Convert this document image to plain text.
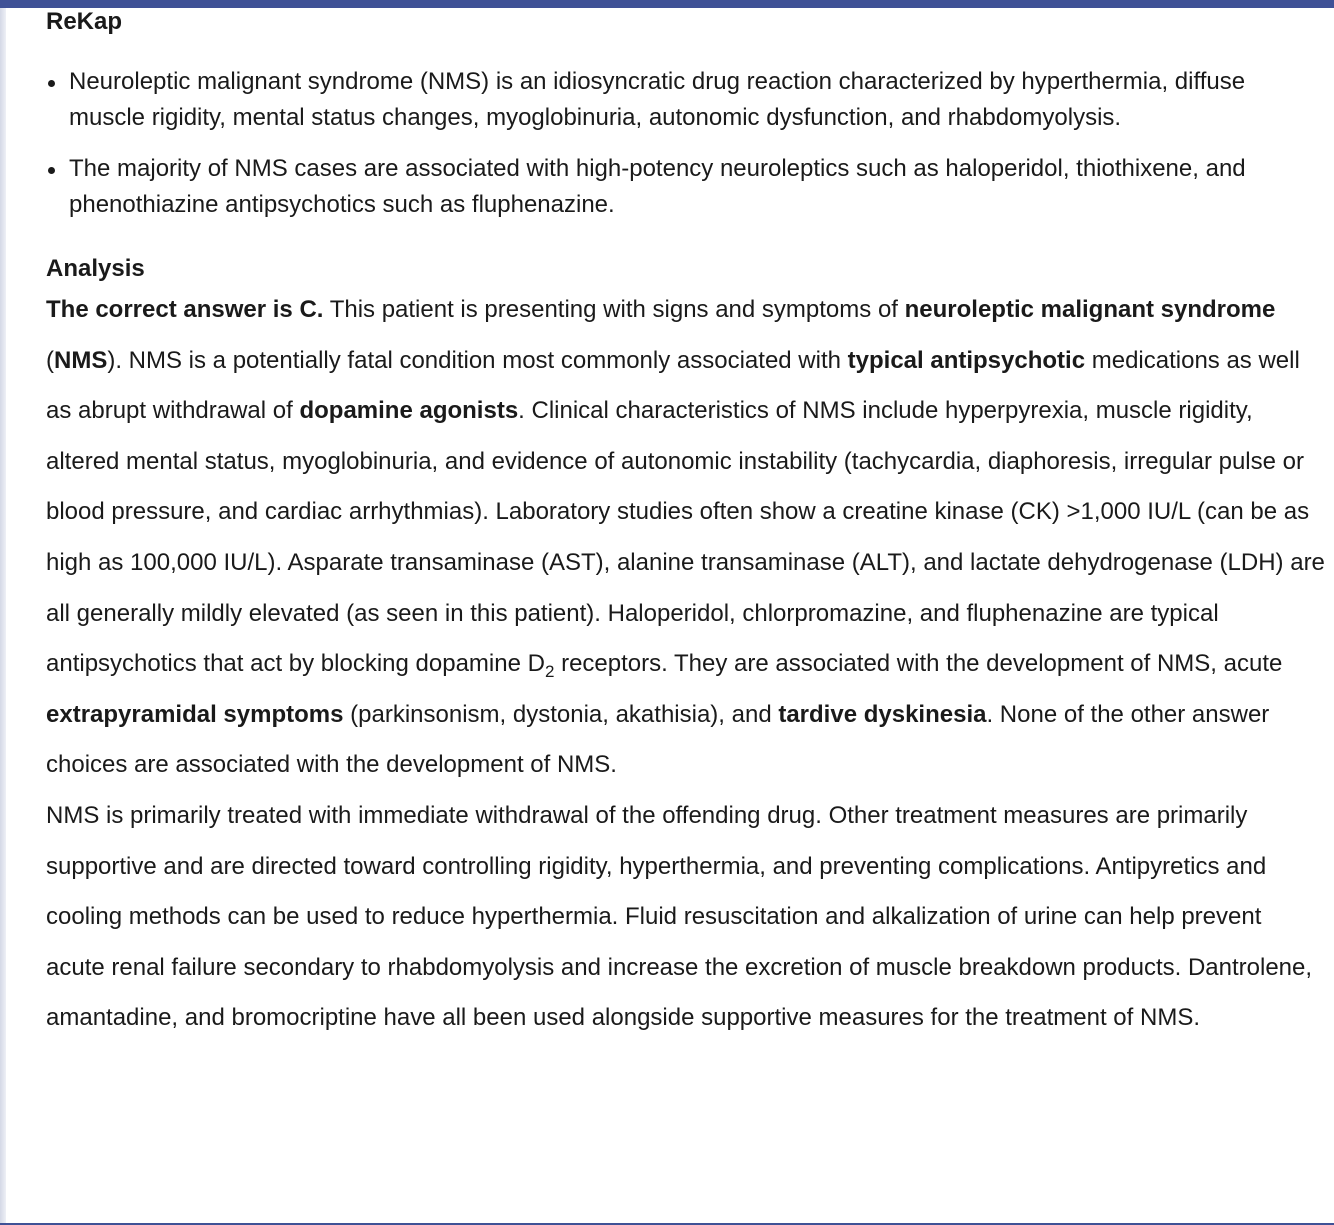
ReKap
Neuroleptic malignant syndrome (NMS) is an idiosyncratic drug reaction characterized by hyperthermia, diffuse muscle rigidity, mental status changes, myoglobinuria, autonomic dysfunction, and rhabdomyolysis.
The majority of NMS cases are associated with high-potency neuroleptics such as haloperidol, thiothixene, and phenothiazine antipsychotics such as fluphenazine.
Analysis

The correct answer is C. This patient is presenting with signs and symptoms of neuroleptic malignant syndrome (NMS). NMS is a potentially fatal condition most commonly associated with typical antipsychotic medications as well as abrupt withdrawal of dopamine agonists. Clinical characteristics of NMS include hyperpyrexia, muscle rigidity, altered mental status, myoglobinuria, and evidence of autonomic instability (tachycardia, diaphoresis, irregular pulse or blood pressure, and cardiac arrhythmias). Laboratory studies often show a creatine kinase (CK) >1,000 IU/L (can be as high as 100,000 IU/L). Asparate transaminase (AST), alanine transaminase (ALT), and lactate dehydrogenase (LDH) are all generally mildly elevated (as seen in this patient). Haloperidol, chlorpromazine, and fluphenazine are typical antipsychotics that act by blocking dopamine $D_2$ receptors. They are associated with the development of NMS, acute extrapyramidal symptoms (parkinsonism, dystonia, akathisia), and tardive dyskinesia. None of the other answer choices are associated with the development of NMS.

NMS is primarily treated with immediate withdrawal of the offending drug. Other treatment measures are primarily supportive and are directed toward controlling rigidity, hyperthermia, and preventing complications. Antipyretics and cooling methods can be used to reduce hyperthermia. Fluid resuscitation and alkalization of urine can help prevent acute renal failure secondary to rhabdomyolysis and increase the excretion of muscle breakdown products. Dantrolene, amantadine, and bromocriptine have all been used alongside supportive measures for the treatment of NMS.
